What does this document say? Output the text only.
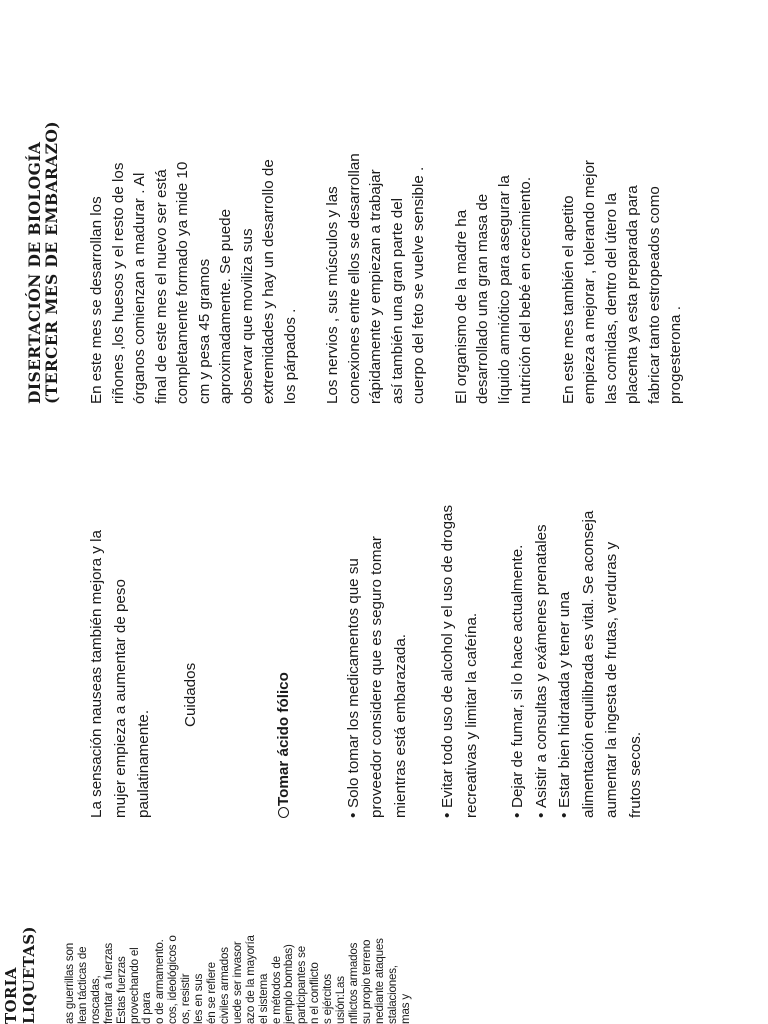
TORIA LIQUETAS) as guerrillas son lean tácticas de roscadas, frentar a fuerzas Estas fuerzas provechando el d para o de armamento. cos, ideológicos o os, resistir les en sus én se refiere civiles armados uede ser invasor azo de la mayoría el sistema e métodos de jemplo bombas) participantes se n el conflicto s ejércitos usión:Las nflictos armados su propio terreno nediante ataques stalaciones, mas y
La sensación nauseas también mejora y la mujer empieza a aumentar de peso paulatinamente.
Cuidados	Tomar ácido fólico
•Solo tomar los medicamentos que su proveedor considere que es seguro tomar mientras está embarazada. •Evitar todo uso de alcohol y el uso de drogas recreativas y limitar la cafeína. •Dejar de fumar, si lo hace actualmente.
•Asistir a consultas y exámenes prenatales
•Estar bien hidratada y tener una alimentación equilibrada es vital. Se aconseja aumentar la ingesta de frutas, verduras y frutos secos.
DISERTACIÓN DE BIOLOGÍA
(TERCER MES DE EMBARAZO) En este mes se desarrollan los riñones ,los huesos y el resto de los órganos comienzan a madurar . Al final de este mes el nuevo ser está completamente formado ya mide 10 cm y pesa 45 gramos aproximadamente. Se puede observar que moviliza sus extremidades y hay un desarrollo de los párpados . Los nervios , sus músculos y las conexiones entre ellos se desarrollan rápidamente y empiezan a trabajar así también una gran parte del cuerpo del feto se vuelve sensible . El organismo de la madre ha desarrollado una gran masa de líquido amniótico para asegurar la nutrición del bebé en crecimiento. En este mes también el apetito empieza a mejorar , tolerando mejor las comidas, dentro del útero la placenta ya esta preparada para fabricar tanto estropeados como progesterona .
